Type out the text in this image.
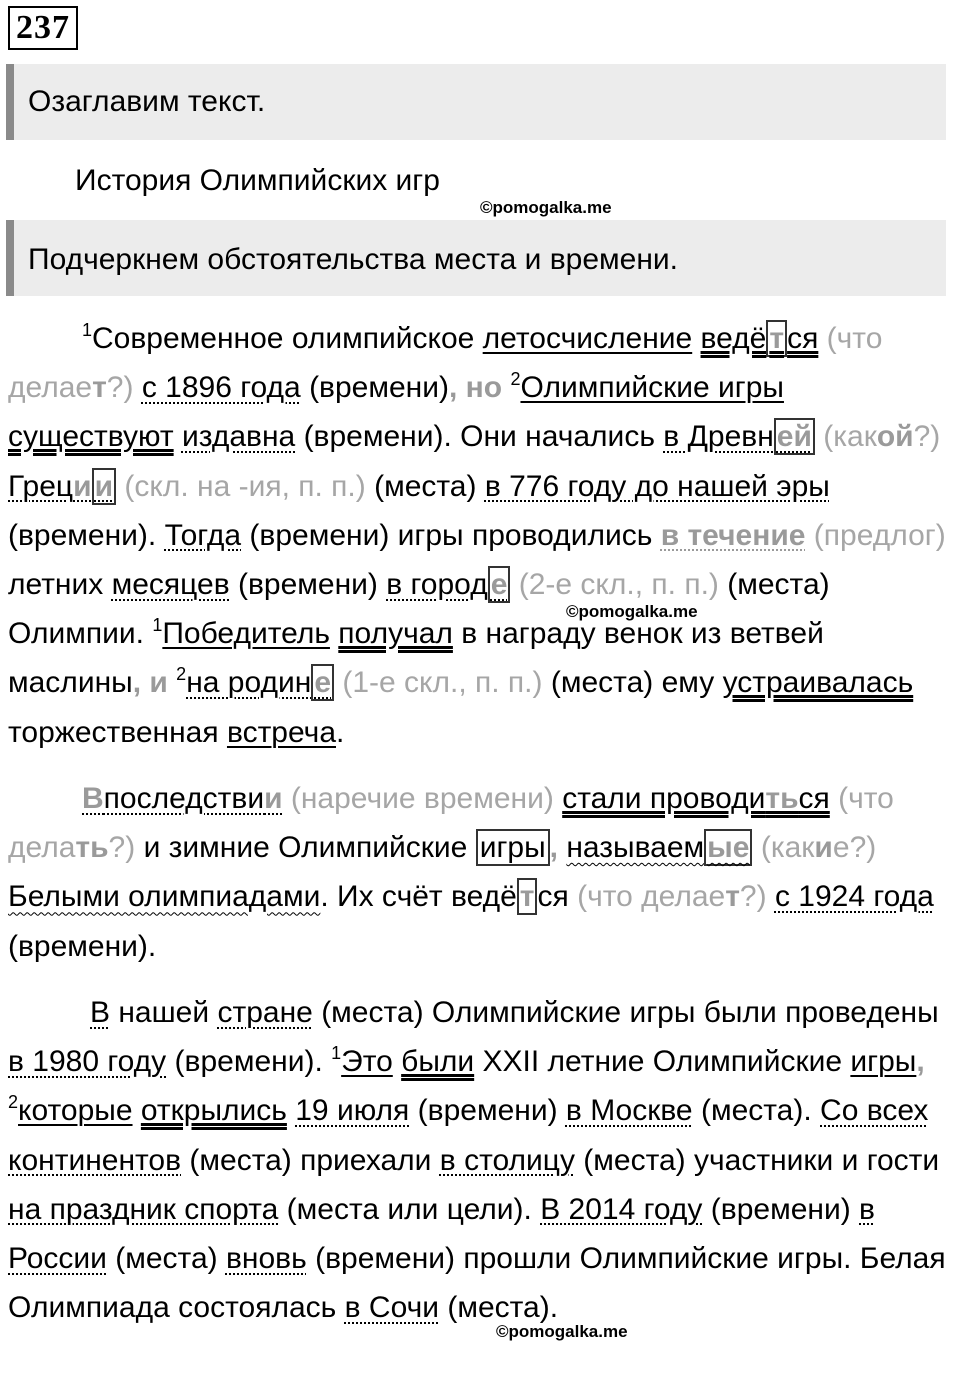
237
Озаглавим текст.
История Олимпийских игр
©pomogalka.me
Подчеркнем обстоятельства места и времени.

$^1$Современное олимпийское летосчисление ведё т ся (что делает?) с 1896 года (времени), но $^2$Олимпийские игры существуют издавна (времени). Они начались в Древн ей (какой?) Греци и (скл. на -ия, п. п.) (места) в 776 году до нашей эры (времени). Тогда (времени) игры проводились в течение (предлог) летних месяцев (времени) в город е (2-е скл., п. п.) (места) Олимпии. $^1$Победитель получал в награду венок из ветвей маслины, и $^2$на родин е (1-е скл., п. п.) (места) ему устраивалась торжественная встреча.

©pomogalka.me

Впоследствии (наречие времени) стали проводиться (что делать?) и зимние Олимпийские игры , называем ые (какие?) Белыми олимпиадами. Их счёт ведё т ся (что делает?) с 1924 года (времени).

В нашей стране (места) Олимпийские игры были проведены в 1980 году (времени). $^1$Это были XXII летние Олимпийские игры, $^2$которые открылись 19 июля (времени) в Москве (места). Со всех континентов (места) приехали в столицу (места) участники и гости на праздник спорта (места или цели). В 2014 году (времени) в России (места) вновь (времени) прошли Олимпийские игры. Белая Олимпиада состоялась в Сочи (места).

©pomogalka.me
